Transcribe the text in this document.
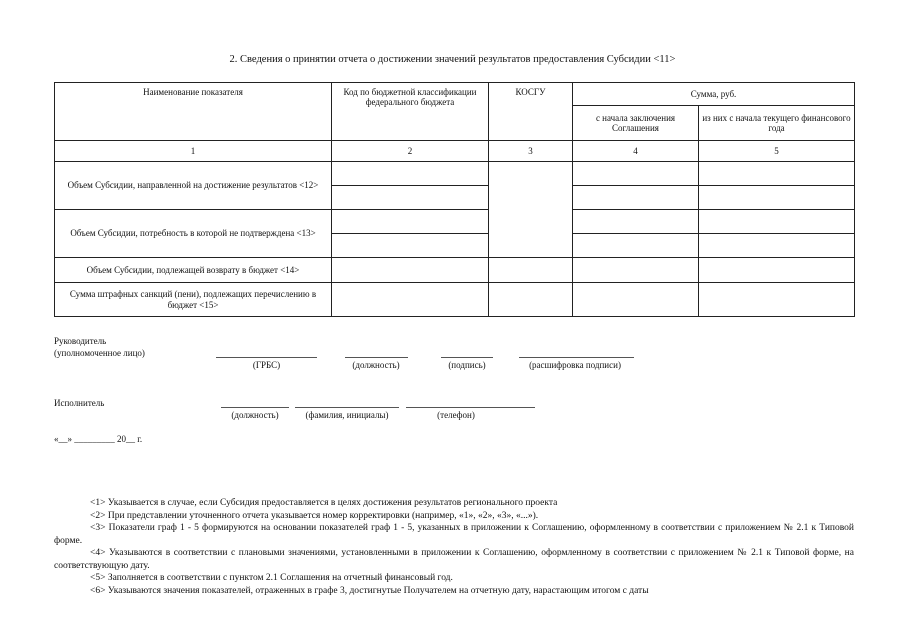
2. Сведения о принятии отчета о достижении значений результатов предоставления Субсидии <11>
Наименование показателя	Код по бюджетной классификации федерального бюджета	КОСГУ	Сумма, руб.	
			с начала заключения Соглашения	из них с начала текущего финансового года
1	2	3	4	5
Объем Субсидии, направленной на достижение результатов <12>				

Объем Субсидии, потребность в которой не подтверждена <13>				

Объем Субсидии, подлежащей возврату в бюджет <14>				
Сумма штрафных санкций (пени), подлежащих перечислению в бюджет <15>				
Руководитель
(уполномоченное лицо)
(ГРБС)	(должность)	(подпись)	(расшифровка подписи)
Исполнитель
(должность)	(фамилия, инициалы)	(телефон)
«__» _________ 20__ г.

<1> Указывается в случае, если Субсидия предоставляется в целях достижения результатов регионального проекта

<2> При представлении уточненного отчета указывается номер корректировки (например, «1», «2», «3», «...»).

<3> Показатели граф 1 - 5 формируются на основании показателей граф 1 - 5, указанных в приложении к Соглашению, оформленному в соответствии с приложением № 2.1 к Типовой форме.

<4> Указываются в соответствии с плановыми значениями, установленными в приложении к Соглашению, оформленному в соответствии с приложением № 2.1 к Типовой форме, на соответствующую дату.

<5> Заполняется в соответствии с пунктом 2.1 Соглашения на отчетный финансовый год.

<6> Указываются значения показателей, отраженных в графе 3, достигнутые Получателем на отчетную дату, нарастающим итогом с даты
